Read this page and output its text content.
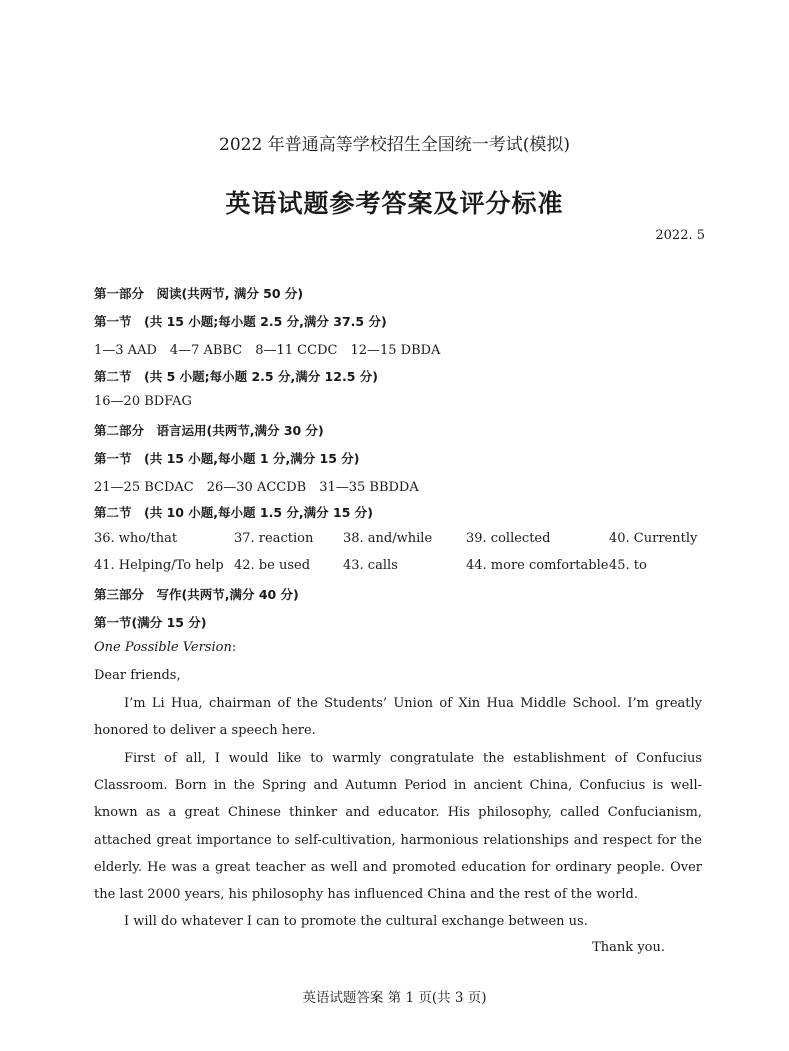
2022 年普通高等学校招生全国统一考试(模拟)
英语试题参考答案及评分标准
2022. 5
第一部分　阅读(共两节, 满分 50 分)
第一节　(共 15 小题;每小题 2.5 分,满分 37.5 分)
1—3 AAD　4—7 ABBC　8—11 CCDC　12—15 DBDA
第二节　(共 5 小题;每小题 2.5 分,满分 12.5 分)
16—20 BDFAG
第二部分　语言运用(共两节,满分 30 分)
第一节　(共 15 小题,每小题 1 分,满分 15 分)
21—25 BCDAC　26—30 ACCDB　31—35 BBDDA
第二节　(共 10 小题,每小题 1.5 分,满分 15 分)
36. who∕that	37. reaction 38. and∕while	39. collected	40. Currently
41. Helping∕To help 42. be used	43. calls	44. more comfortable 45. to
第三部分　写作(共两节,满分 40 分)
第一节(满分 15 分)
One Possible Version:
Dear friends,
I’m Li Hua, chairman of the Students’ Union of Xin Hua Middle School. I’m greatly honored to deliver a speech here.
First of all, I would like to warmly congratulate the establishment of Confucius Classroom. Born in the Spring and Autumn Period in ancient China, Confucius is well-known as a great Chinese thinker and educator. His philosophy, called Confucianism, attached great importance to self-cultivation, harmonious relationships and respect for the elderly. He was a great teacher as well and promoted education for ordinary people. Over the last 2000 years, his philosophy has influenced China and the rest of the world.
I will do whatever I can to promote the cultural exchange between us.
Thank you.
英语试题答案 第 1 页(共 3 页)
